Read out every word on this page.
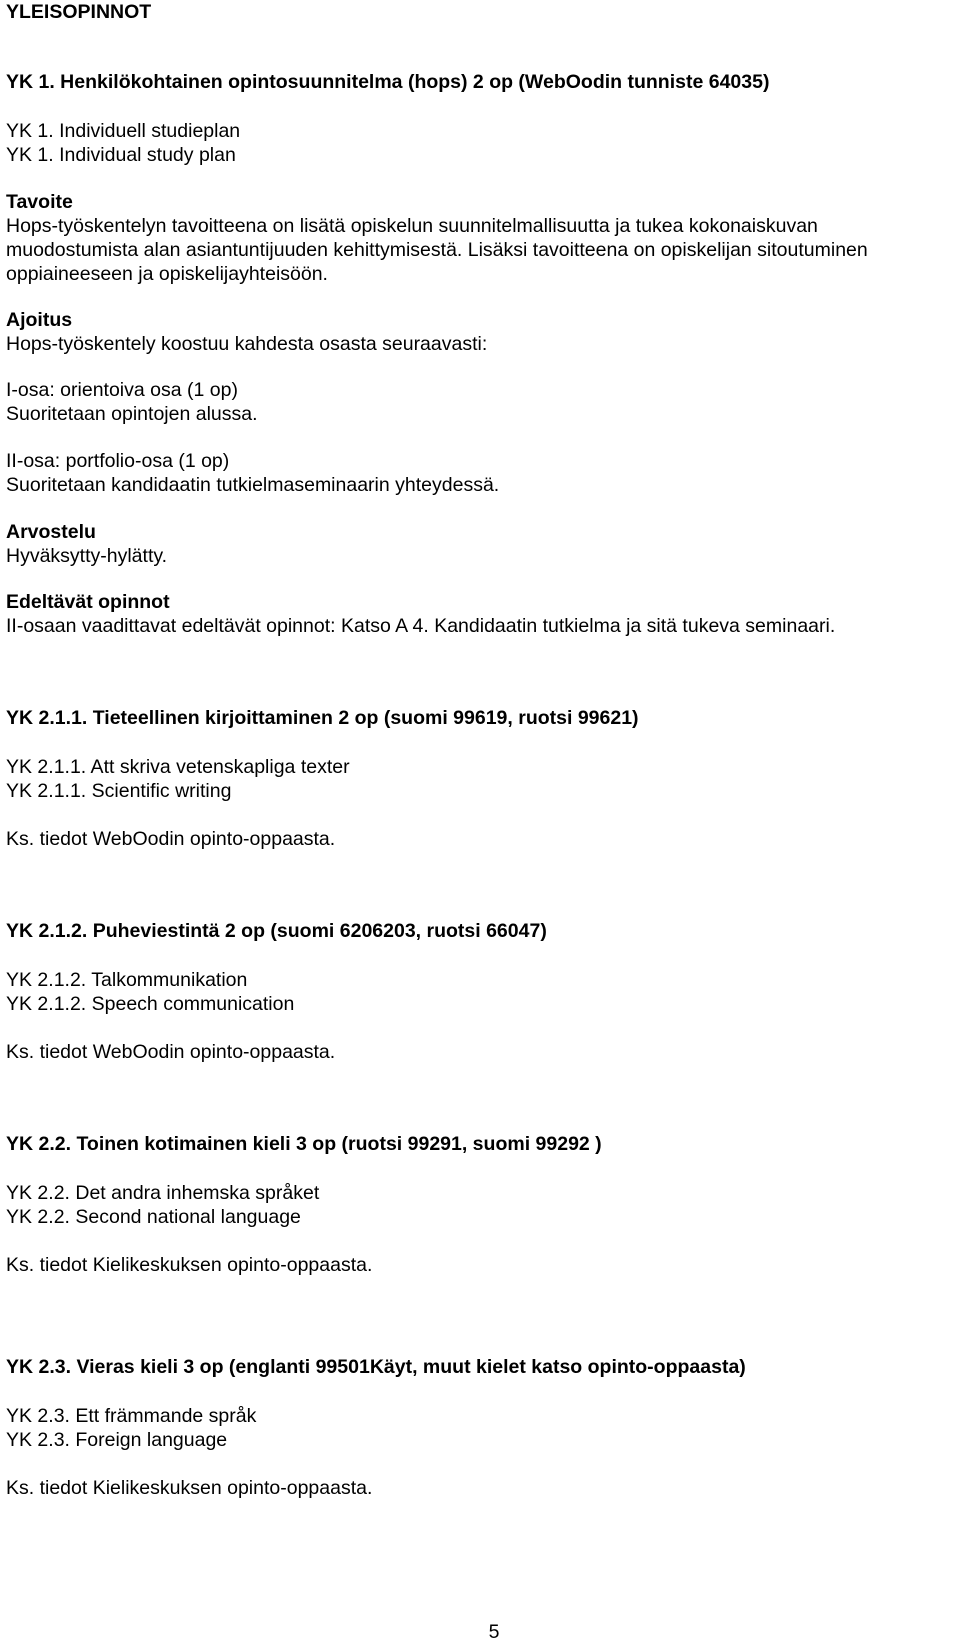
YLEISOPINNOT
YK 1. Henkilökohtainen opintosuunnitelma (hops) 2 op (WebOodin tunniste 64035)
YK 1. Individuell studieplan
YK 1. Individual study plan
Tavoite
Hops-työskentelyn tavoitteena on lisätä opiskelun suunnitelmallisuutta ja tukea kokonaiskuvan
muodostumista alan asiantuntijuuden kehittymisestä. Lisäksi tavoitteena on opiskelijan sitoutuminen
oppiaineeseen ja opiskelijayhteisöön.
Ajoitus
Hops-työskentely koostuu kahdesta osasta seuraavasti:
I-osa: orientoiva osa (1 op)
Suoritetaan opintojen alussa.
II-osa: portfolio-osa (1 op)
Suoritetaan kandidaatin tutkielmaseminaarin yhteydessä.
Arvostelu
Hyväksytty-hylätty.
Edeltävät opinnot
II-osaan vaadittavat edeltävät opinnot: Katso A 4. Kandidaatin tutkielma ja sitä tukeva seminaari.
YK 2.1.1. Tieteellinen kirjoittaminen 2 op (suomi 99619, ruotsi 99621)
YK 2.1.1. Att skriva vetenskapliga texter
YK 2.1.1. Scientific writing
Ks. tiedot WebOodin opinto-oppaasta.
YK 2.1.2. Puheviestintä 2 op (suomi 6206203, ruotsi 66047)
YK 2.1.2. Talkommunikation
YK 2.1.2. Speech communication
Ks. tiedot WebOodin opinto-oppaasta.
YK 2.2. Toinen kotimainen kieli 3 op (ruotsi 99291, suomi 99292 )
YK 2.2. Det andra inhemska språket
YK 2.2. Second national language
Ks. tiedot Kielikeskuksen opinto-oppaasta.
YK 2.3. Vieras kieli 3 op (englanti 99501Käyt, muut kielet katso opinto-oppaasta)
YK 2.3. Ett främmande språk
YK 2.3. Foreign language
Ks. tiedot Kielikeskuksen opinto-oppaasta.
5
